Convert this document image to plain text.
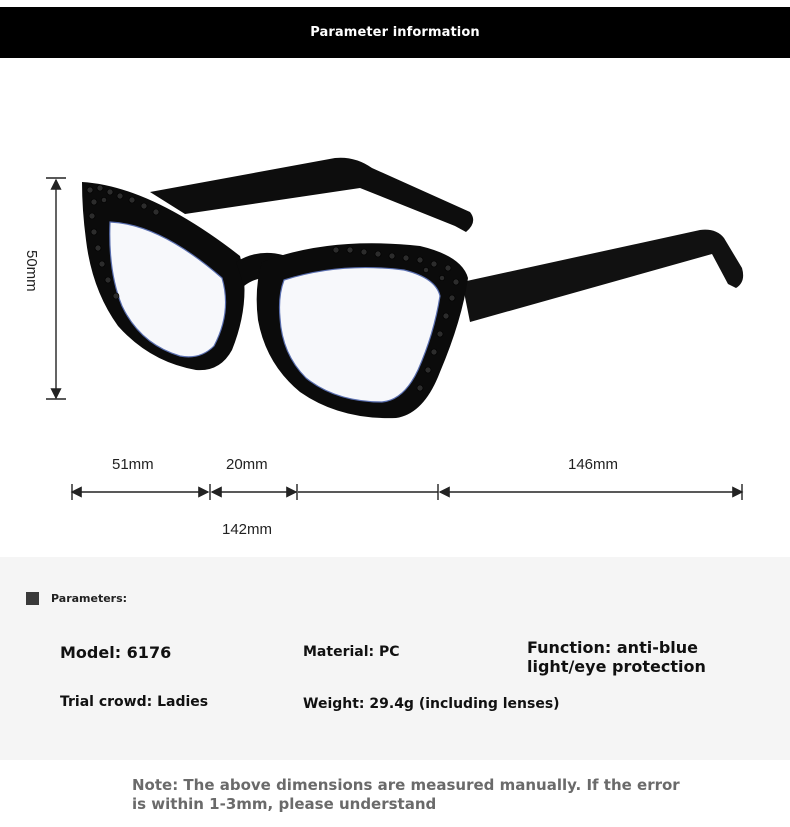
Parameter information
50mm
51mm	20mm	146mm
142mm
Parameters:
Model: 6176	Material: PC	Function: anti-blue light/eye protection
Trial crowd: Ladies	Weight: 29.4g (including lenses)
Note: The above dimensions are measured manually. If the error is within 1-3mm, please understand
